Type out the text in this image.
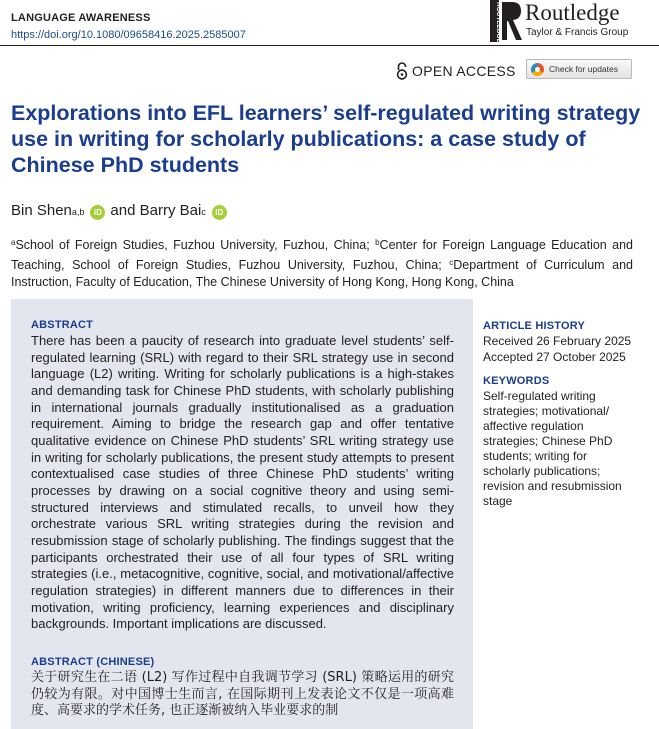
LANGUAGE AWARENESS
https://doi.org/10.1080/09658416.2025.2585007	ROUTLEDGE Routledge
Taylor & Francis Group
OPEN ACCESS	Check for updates
Explorations into EFL learners’ self-regulated writing strategy use in writing for scholarly publications: a case study of Chinese PhD students
Bin Shen a,b	iD and Barry Bai c	iD
$^a$School of Foreign Studies, Fuzhou University, Fuzhou, China; $^b$Center for Foreign Language Education and Teaching, School of Foreign Studies, Fuzhou University, Fuzhou, China; $^c$Department of Curriculum and Instruction, Faculty of Education, The Chinese University of Hong Kong, Hong Kong, China
ABSTRACT
There has been a paucity of research into graduate level students’ self-regulated learning (SRL) with regard to their SRL strategy use in second language (L2) writing. Writing for scholarly publications is a high-stakes and demanding task for Chinese PhD students, with scholarly publishing in international journals gradually institutionalised as a graduation requirement. Aiming to bridge the research gap and offer tentative qualitative evidence on Chinese PhD students’ SRL writing strategy use in writing for scholarly publications, the present study attempts to present contextualised case studies of three Chinese PhD students’ writing processes by drawing on a social cognitive theory and using semi-structured interviews and stimulated recalls, to unveil how they orchestrate various SRL writing strategies during the revision and resubmission stage of scholarly publishing. The findings suggest that the participants orchestrated their use of all four types of SRL writing strategies (i.e., metacognitive, cognitive, social, and motivational/affective regulation strategies) in different manners due to differences in their motivation, writing proficiency, learning experiences and disciplinary backgrounds. Important implications are discussed.
ABSTRACT (CHINESE)
关于研究生在二语 (L2) 写作过程中自我调节学习 (SRL) 策略运用的研究仍较为有限。对中国博士生而言, 在国际期刊上发表论文不仅是一项高难度、高要求的学术任务, 也正逐渐被纳入毕业要求的制
ARTICLE HISTORY
Received 26 February 2025
Accepted 27 October 2025
KEYWORDS
Self-regulated writing strategies; motivational/ affective regulation strategies; Chinese PhD students; writing for scholarly publications; revision and resubmission stage
